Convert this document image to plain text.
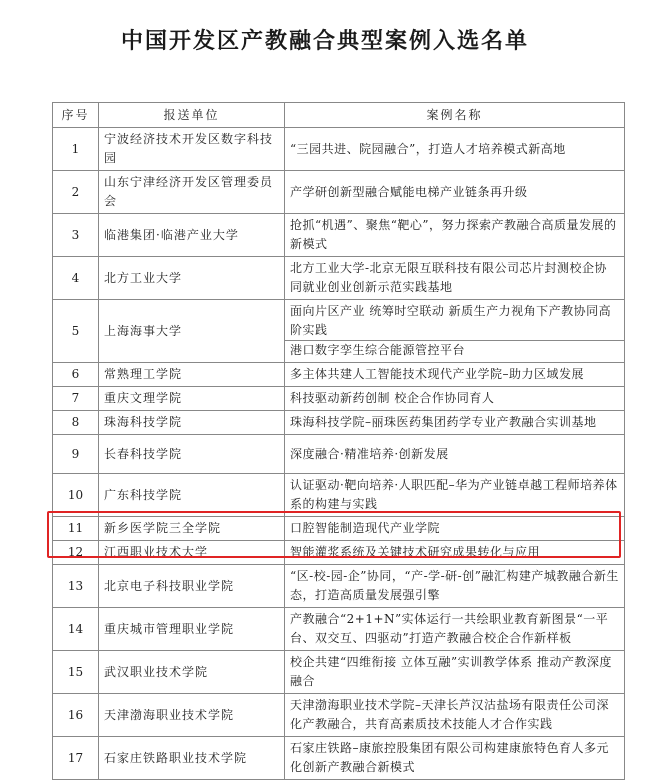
中国开发区产教融合典型案例入选名单
序号	报送单位	案例名称
1	宁波经济技术开发区数字科技园	“三园共进、院园融合”，打造人才培养模式新高地

2	山东宁津经济开发区管理委员会	产学研创新型融合赋能电梯产业链条再升级

3	临港集团·临港产业大学	抢抓“机遇”、聚焦“靶心”，努力探索产教融合高质量发展的新模式

4	北方工业大学	北方工业大学-北京无限互联科技有限公司芯片封测校企协同就业创业创新示范实践基地

5	上海海事大学	面向片区产业 统筹时空联动 新质生产力视角下产教协同高阶实践
港口数字孪生综合能源管控平台

6	常熟理工学院	多主体共建人工智能技术现代产业学院–助力区域发展

7	重庆文理学院	科技驱动新药创制 校企合作协同育人

8	珠海科技学院	珠海科技学院–丽珠医药集团药学专业产教融合实训基地

9	长春科技学院	深度融合·精准培养·创新发展

10	广东科技学院	认证驱动·靶向培养·人职匹配–华为产业链卓越工程师培养体系的构建与实践

11	新乡医学院三全学院	口腔智能制造现代产业学院

12	江西职业技术大学	智能灌浆系统及关键技术研究成果转化与应用

13	北京电子科技职业学院	“区-校-园-企”协同，“产-学-研-创”融汇构建产城教融合新生态，打造高质量发展强引擎

14	重庆城市管理职业学院	产教融合“2+1+N”实体运行一共绘职业教育新图景“一平台、双交互、四驱动”打造产教融合校企合作新样板

15	武汉职业技术学院	校企共建“四维衔接 立体互融”实训教学体系 推动产教深度融合

16	天津渤海职业技术学院	天津渤海职业技术学院–天津长芦汉沽盐场有限责任公司深化产教融合，共育高素质技术技能人才合作实践

17	石家庄铁路职业技术学院	石家庄铁路–康旅控股集团有限公司构建康旅特色育人多元化创新产教融合新模式
